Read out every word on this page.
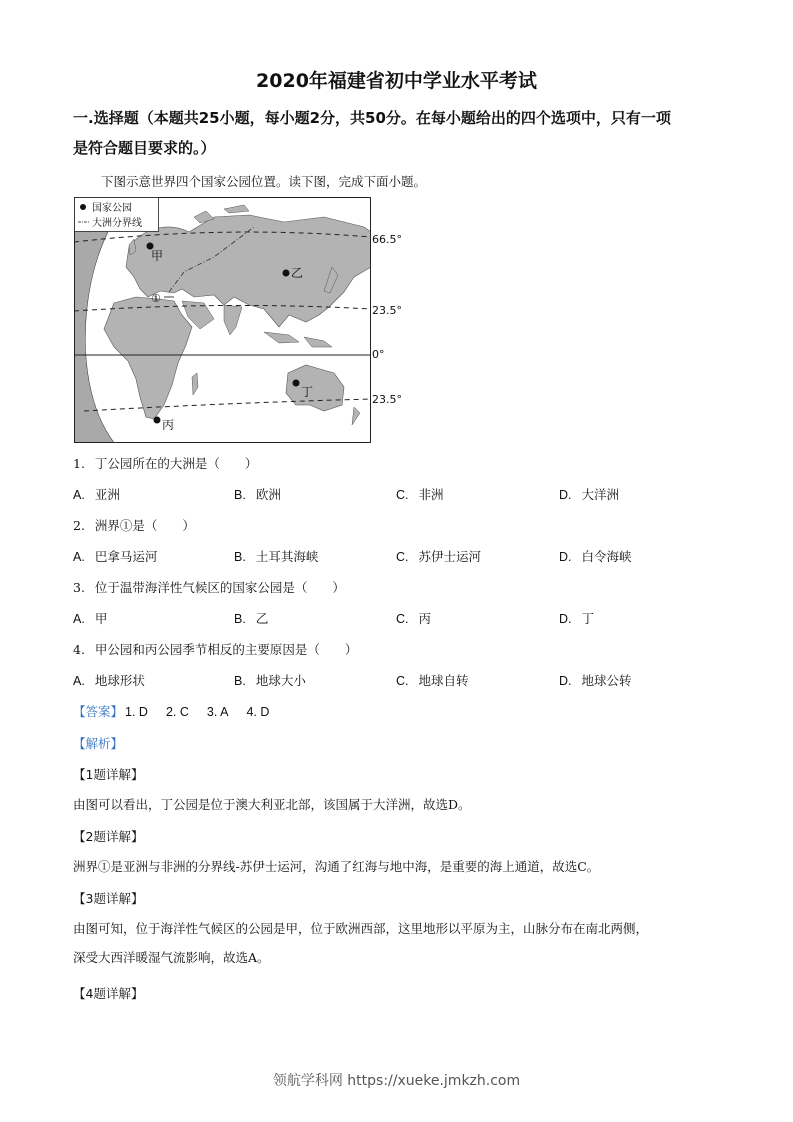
2020年福建省初中学业水平考试
一.选择题（本题共25小题，每小题2分，共50分。在每小题给出的四个选项中，只有一项
是符合题目要求的。）
下图示意世界四个国家公园位置。读下图，完成下面小题。
国家公园
大洲分界线
66.5°
23.5°
0°
23.5°
甲
乙
丙
丁
①
1. 丁公园所在的大洲是（　　）
A. 亚洲	B. 欧洲	C. 非洲	D. 大洋洲
2. 洲界①是（　　）
A. 巴拿马运河	B. 土耳其海峡	C. 苏伊士运河	D. 白令海峡
3. 位于温带海洋性气候区的国家公园是（　　）
A. 甲	B. 乙	C. 丙	D. 丁
4. 甲公园和丙公园季节相反的主要原因是（　　）
A. 地球形状	B. 地球大小	C. 地球自转	D. 地球公转
【答案】 1. D 2. C 3. A 4. D
【解析】
【1题详解】
由图可以看出，丁公园是位于澳大利亚北部，该国属于大洋洲，故选D。
【2题详解】
洲界①是亚洲与非洲的分界线-苏伊士运河，沟通了红海与地中海，是重要的海上通道，故选C。
【3题详解】
由图可知，位于海洋性气候区的公园是甲，位于欧洲西部，这里地形以平原为主，山脉分布在南北两侧，
深受大西洋暖湿气流影响，故选A。
【4题详解】
领航学科网 https://xueke.jmkzh.com
